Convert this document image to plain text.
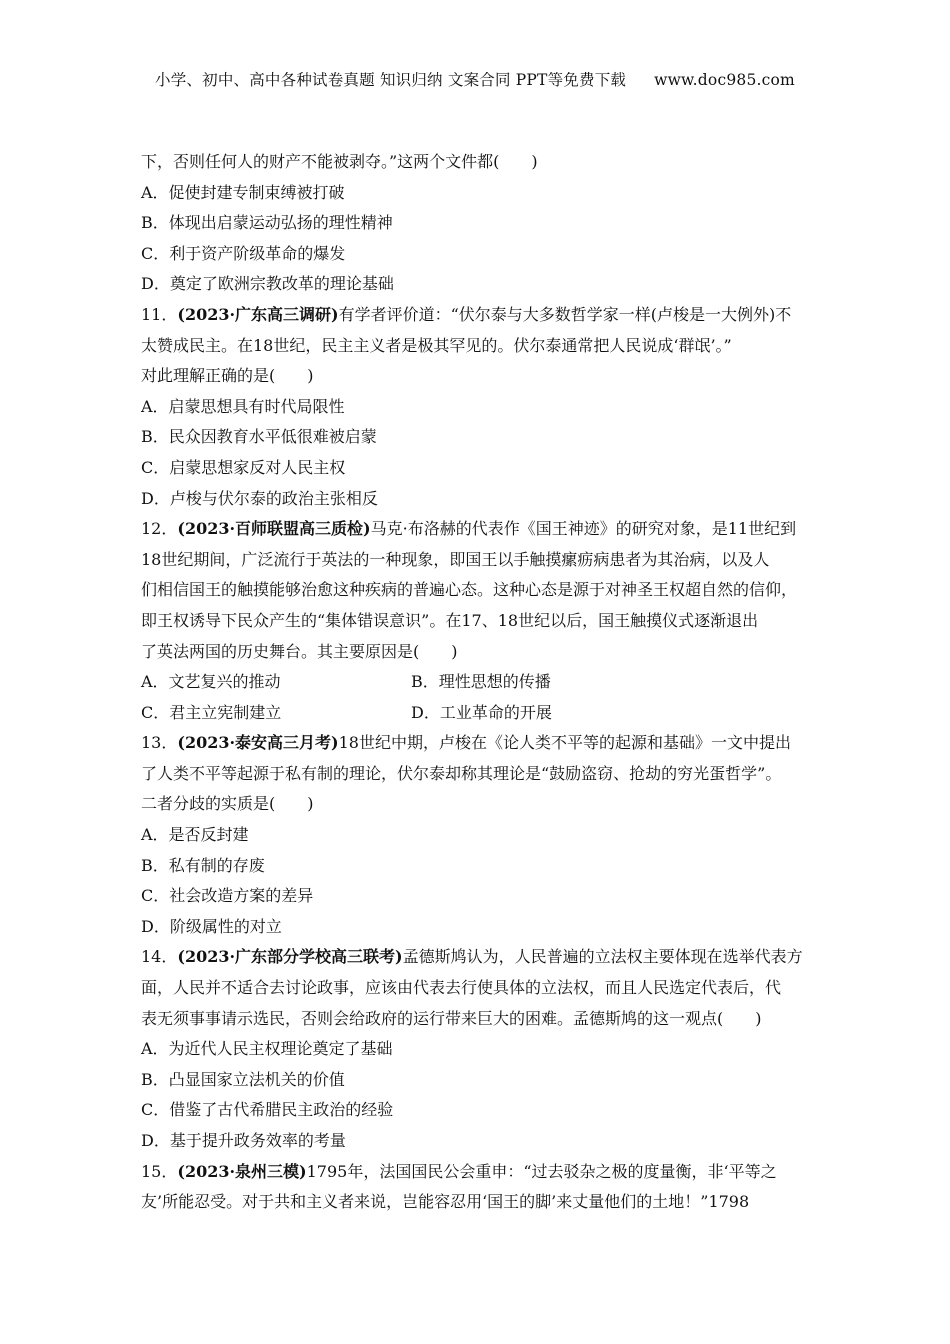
小学、初中、高中各种试卷真题 知识归纳 文案合同 PPT等免费下载 www.doc985.com
下，否则任何人的财产不能被剥夺。”这两个文件都(　　)
A．促使封建专制束缚被打破
B．体现出启蒙运动弘扬的理性精神
C．利于资产阶级革命的爆发
D．奠定了欧洲宗教改革的理论基础
11．(2023·广东高三调研)有学者评价道：“伏尔泰与大多数哲学家一样(卢梭是一大例外)不
太赞成民主。在18世纪，民主主义者是极其罕见的。伏尔泰通常把人民说成‘群氓’。”
对此理解正确的是(　　)
A．启蒙思想具有时代局限性
B．民众因教育水平低很难被启蒙
C．启蒙思想家反对人民主权
D．卢梭与伏尔泰的政治主张相反
12．(2023·百师联盟高三质检)马克·布洛赫的代表作《国王神迹》的研究对象，是11世纪到
18世纪期间，广泛流行于英法的一种现象，即国王以手触摸瘰疬病患者为其治病，以及人
们相信国王的触摸能够治愈这种疾病的普遍心态。这种心态是源于对神圣王权超自然的信仰，
即王权诱导下民众产生的“集体错误意识”。在17、18世纪以后，国王触摸仪式逐渐退出
了英法两国的历史舞台。其主要原因是(　　)
A．文艺复兴的推动	B．理性思想的传播
C．君主立宪制建立	D．工业革命的开展
13．(2023·泰安高三月考)18世纪中期，卢梭在《论人类不平等的起源和基础》一文中提出
了人类不平等起源于私有制的理论，伏尔泰却称其理论是“鼓励盗窃、抢劫的穷光蛋哲学”。
二者分歧的实质是(　　)
A．是否反封建
B．私有制的存废
C．社会改造方案的差异
D．阶级属性的对立
14．(2023·广东部分学校高三联考)孟德斯鸠认为，人民普遍的立法权主要体现在选举代表方
面，人民并不适合去讨论政事，应该由代表去行使具体的立法权，而且人民选定代表后，代
表无须事事请示选民，否则会给政府的运行带来巨大的困难。孟德斯鸠的这一观点(　　)
A．为近代人民主权理论奠定了基础
B．凸显国家立法机关的价值
C．借鉴了古代希腊民主政治的经验
D．基于提升政务效率的考量
15．(2023·泉州三模)1795年，法国国民公会重申：“过去驳杂之极的度量衡，非‘平等之
友’所能忍受。对于共和主义者来说，岂能容忍用‘国王的脚’来丈量他们的土地！”1798
